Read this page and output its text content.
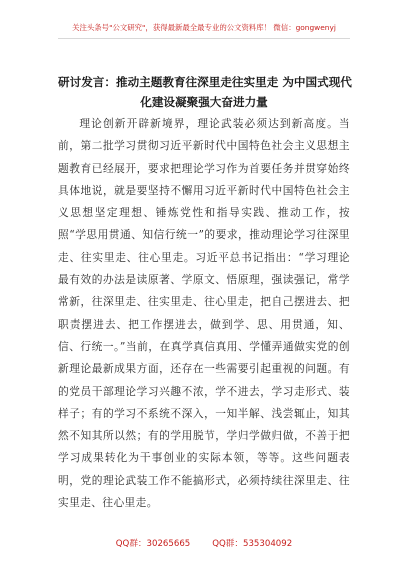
关注头条号"公文研究"，获得最新最全最专业的公文资料库！ 微信：gongwenyj
研讨发言：推动主题教育往深里走往实里走 为中国式现代
化建设凝聚强大奋进力量

理论创新开辟新境界，理论武装必须达到新高度。当前，第二批学习贯彻习近平新时代中国特色社会主义思想主题教育已经展开，要求把理论学习作为首要任务并贯穿始终具体地说，就是要坚持不懈用习近平新时代中国特色社会主义思想坚定理想、锤炼党性和指导实践、推动工作，按照“学思用贯通、知信行统一”的要求，推动理论学习往深里走、往实里走、往心里走。习近平总书记指出：“学习理论最有效的办法是读原著、学原文、悟原理，强读强记，常学常新，往深里走、往实里走、往心里走，把自己摆进去、把职责摆进去、把工作摆进去，做到学、思、用贯通，知、信、行统一。”当前，在真学真信真用、学懂弄通做实党的创新理论最新成果方面，还存在一些需要引起重视的问题。有的党员干部理论学习兴趣不浓，学不进去，学习走形式、装样子；有的学习不系统不深入，一知半解、浅尝辄止，知其然不知其所以然；有的学用脱节，学归学做归做，不善于把学习成果转化为干事创业的实际本领，等等。这些问题表明，党的理论武装工作不能搞形式，必须持续往深里走、往实里走、往心里走。

QQ群：30265665	QQ群：535304092
